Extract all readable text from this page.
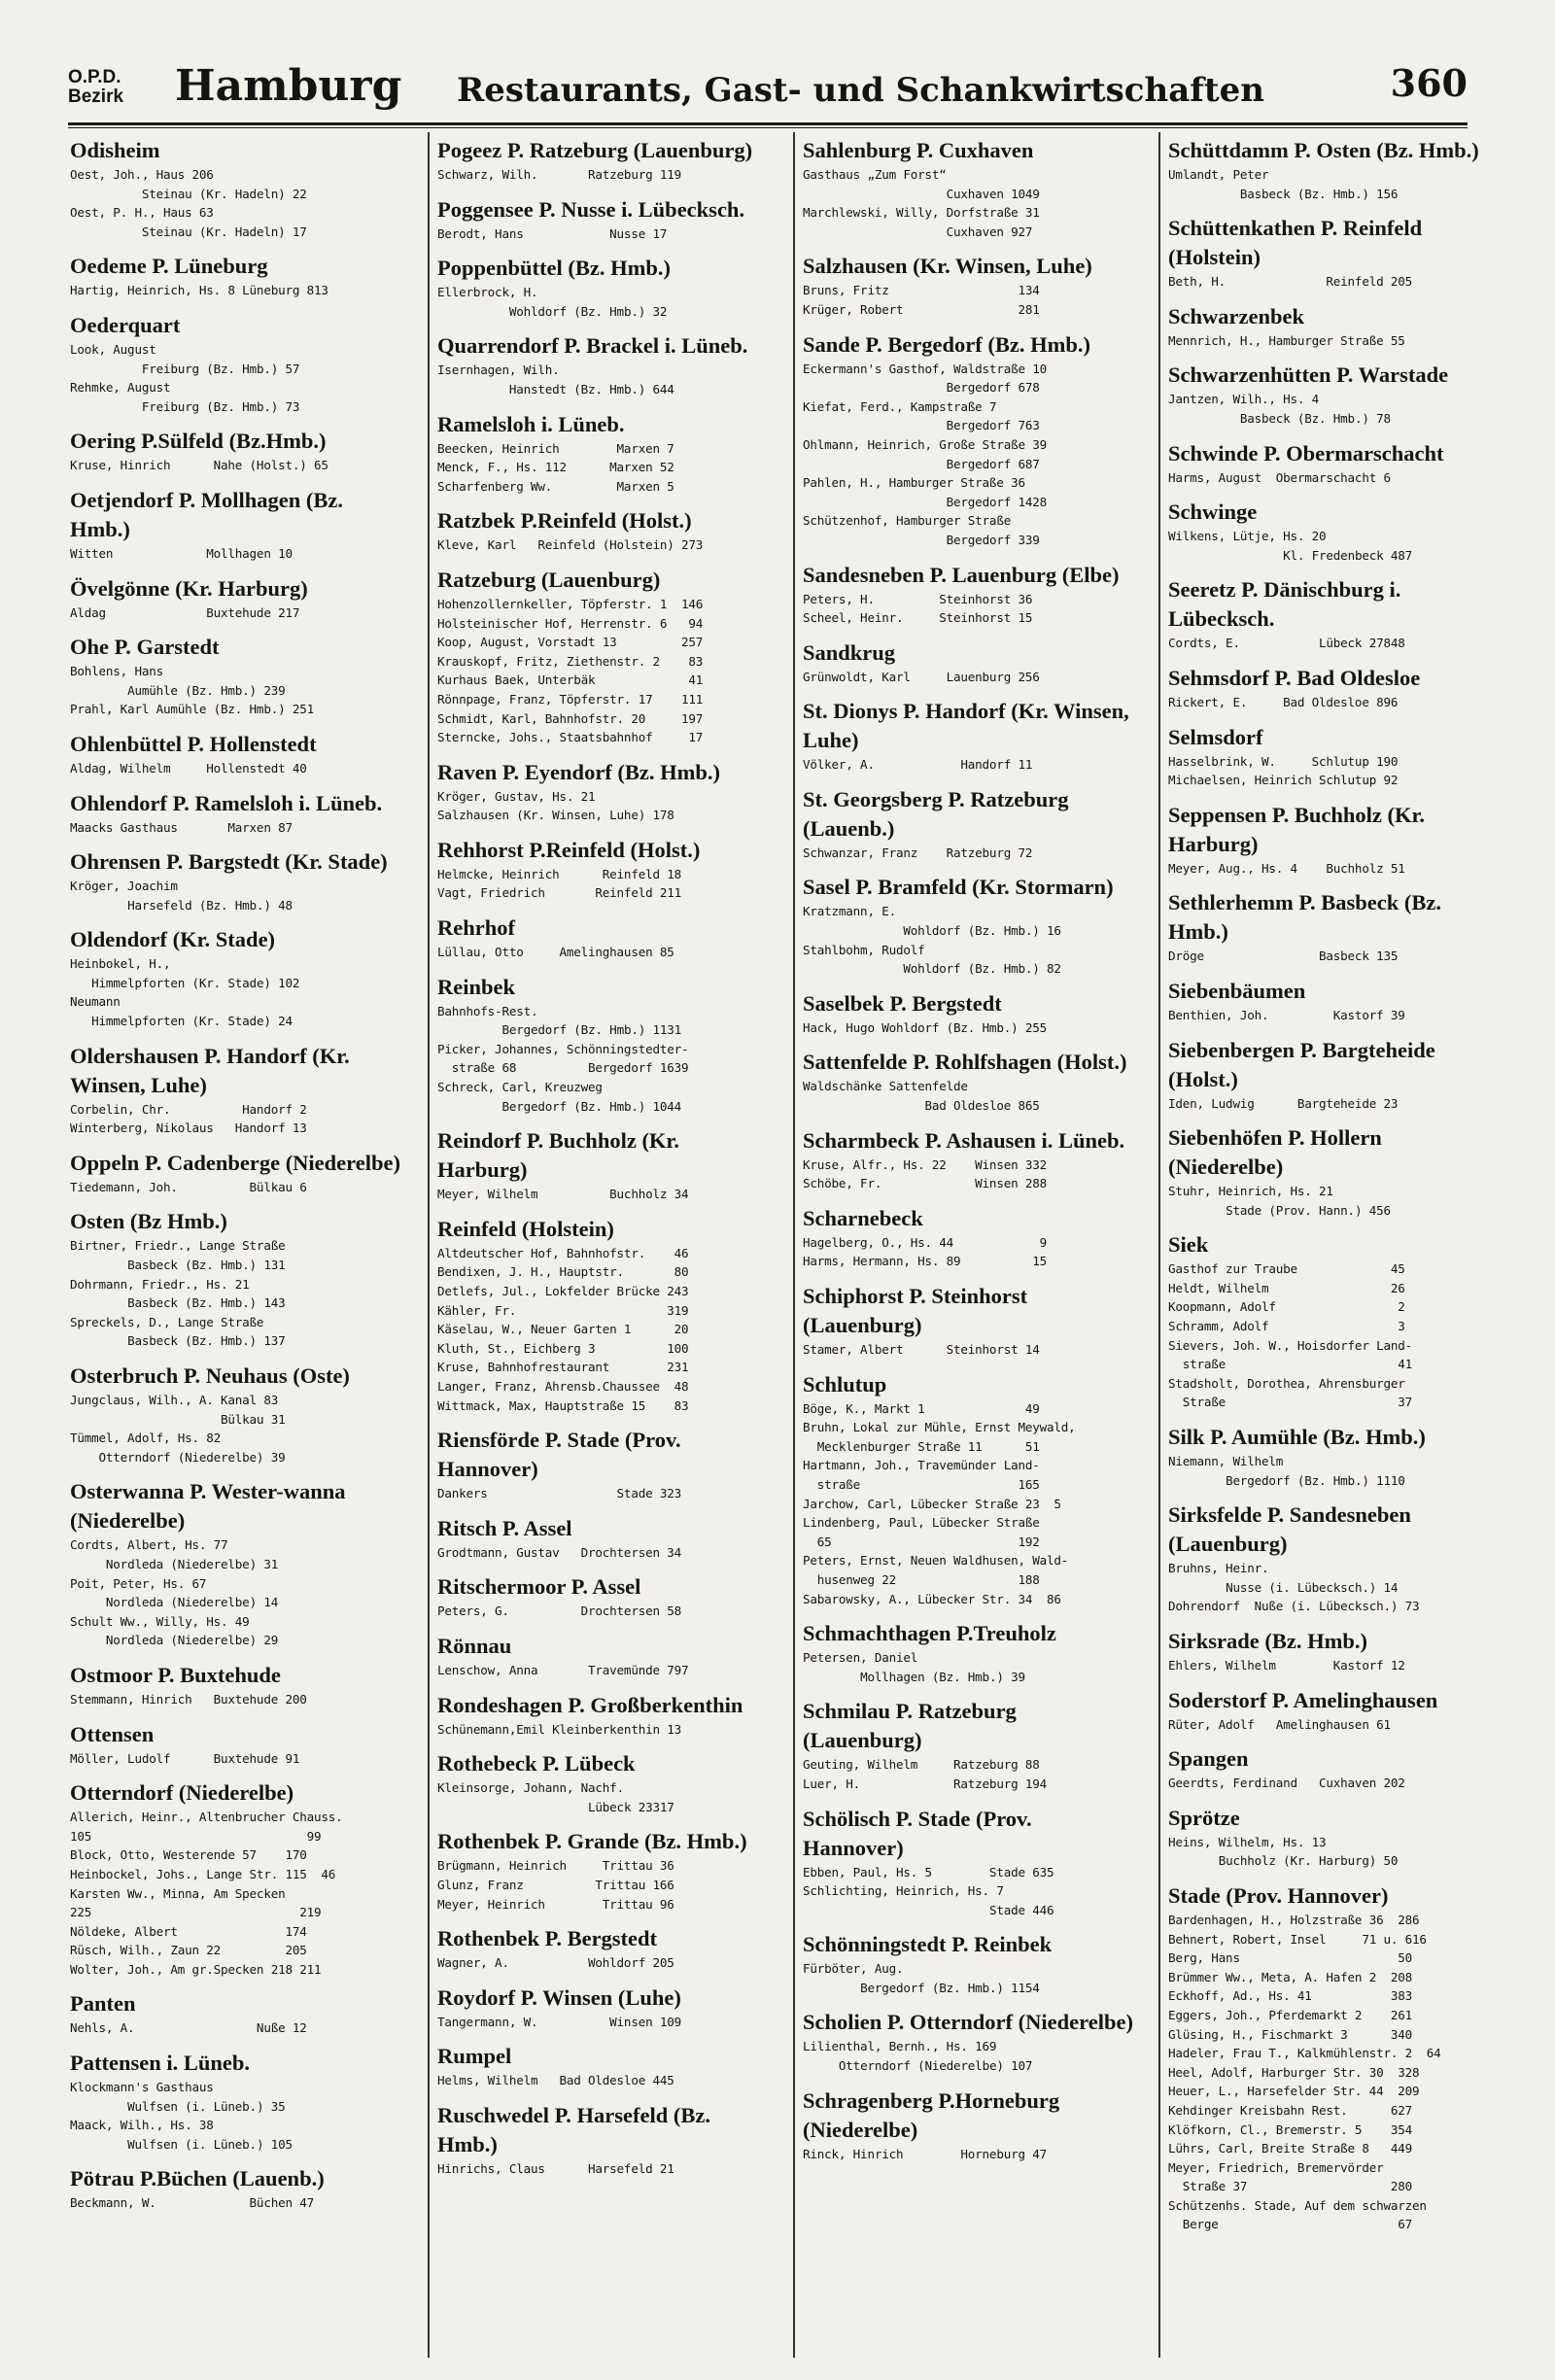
O.P.D.
Bezirk Hamburg Restaurants, Gast- und Schankwirtschaften	360
Odisheim
Oest, Joh., Haus 206
Steinau (Kr. Hadeln) 22
Oest, P. H., Haus 63
Steinau (Kr. Hadeln) 17
Oedeme P. Lüneburg
Hartig, Heinrich, Hs. 8 Lüneburg 813
Oederquart
Look, August
Freiburg (Bz. Hmb.) 57
Rehmke, August
Freiburg (Bz. Hmb.) 73
Oering P.Sülfeld (Bz.Hmb.)
Kruse, Hinrich      Nahe (Holst.) 65
Oetjendorf P. Mollhagen (Bz. Hmb.)
Witten             Mollhagen 10
Övelgönne (Kr. Harburg)
Aldag              Buxtehude 217
Ohe P. Garstedt
Bohlens, Hans
Aumühle (Bz. Hmb.) 239
Prahl, Karl Aumühle (Bz. Hmb.) 251
Ohlenbüttel P. Hollenstedt
Aldag, Wilhelm     Hollenstedt 40
Ohlendorf P. Ramelsloh i. Lüneb.
Maacks Gasthaus       Marxen 87
Ohrensen P. Bargstedt (Kr. Stade)
Kröger, Joachim
Harsefeld (Bz. Hmb.) 48
Oldendorf (Kr. Stade)
Heinbokel, H.,
Himmelpforten (Kr. Stade) 102
Neumann
Himmelpforten (Kr. Stade) 24
Oldershausen P. Handorf (Kr. Winsen, Luhe)
Corbelin, Chr.          Handorf 2
Winterberg, Nikolaus   Handorf 13
Oppeln P. Cadenberge (Niederelbe)
Tiedemann, Joh.          Bülkau 6
Osten (Bz Hmb.)
Birtner, Friedr., Lange Straße
Basbeck (Bz. Hmb.) 131
Dohrmann, Friedr., Hs. 21
Basbeck (Bz. Hmb.) 143
Spreckels, D., Lange Straße
Basbeck (Bz. Hmb.) 137
Osterbruch P. Neuhaus (Oste)
Jungclaus, Wilh., A. Kanal 83
Bülkau 31
Tümmel, Adolf, Hs. 82
Otterndorf (Niederelbe) 39
Osterwanna P. Wester-wanna (Niederelbe)
Cordts, Albert, Hs. 77
Nordleda (Niederelbe) 31
Poit, Peter, Hs. 67
Nordleda (Niederelbe) 14
Schult Ww., Willy, Hs. 49
Nordleda (Niederelbe) 29
Ostmoor P. Buxtehude
Stemmann, Hinrich   Buxtehude 200
Ottensen
Möller, Ludolf      Buxtehude 91
Otterndorf (Niederelbe)
Allerich, Heinr., Altenbrucher Chauss.
105                              99
Block, Otto, Westerende 57    170
Heinbockel, Johs., Lange Str. 115  46
Karsten Ww., Minna, Am Specken
225                             219
Nöldeke, Albert               174
Rüsch, Wilh., Zaun 22         205
Wolter, Joh., Am gr.Specken 218 211
Panten
Nehls, A.                 Nuße 12
Pattensen i. Lüneb.
Klockmann's Gasthaus
Wulfsen (i. Lüneb.) 35
Maack, Wilh., Hs. 38
Wulfsen (i. Lüneb.) 105
Pötrau P.Büchen (Lauenb.)
Beckmann, W.             Büchen 47
Pogeez P. Ratzeburg (Lauenburg)
Schwarz, Wilh.       Ratzeburg 119
Poggensee P. Nusse i. Lübecksch.
Berodt, Hans            Nusse 17
Poppenbüttel (Bz. Hmb.)
Ellerbrock, H.
Wohldorf (Bz. Hmb.) 32
Quarrendorf P. Brackel i. Lüneb.
Isernhagen, Wilh.
Hanstedt (Bz. Hmb.) 644
Ramelsloh i. Lüneb.
Beecken, Heinrich        Marxen 7
Menck, F., Hs. 112      Marxen 52
Scharfenberg Ww.         Marxen 5
Ratzbek P.Reinfeld (Holst.)
Kleve, Karl   Reinfeld (Holstein) 273
Ratzeburg (Lauenburg)
Hohenzollernkeller, Töpferstr. 1  146
Holsteinischer Hof, Herrenstr. 6   94
Koop, August, Vorstadt 13         257
Krauskopf, Fritz, Ziethenstr. 2    83
Kurhaus Baek, Unterbäk             41
Rönnpage, Franz, Töpferstr. 17    111
Schmidt, Karl, Bahnhofstr. 20     197
Sterncke, Johs., Staatsbahnhof     17
Raven P. Eyendorf (Bz. Hmb.)
Kröger, Gustav, Hs. 21
Salzhausen (Kr. Winsen, Luhe) 178
Rehhorst P.Reinfeld (Holst.)
Helmcke, Heinrich      Reinfeld 18
Vagt, Friedrich       Reinfeld 211
Rehrhof
Lüllau, Otto     Amelinghausen 85
Reinbek
Bahnhofs-Rest.
Bergedorf (Bz. Hmb.) 1131
Picker, Johannes, Schönningstedter-
straße 68          Bergedorf 1639
Schreck, Carl, Kreuzweg
Bergedorf (Bz. Hmb.) 1044
Reindorf P. Buchholz (Kr. Harburg)
Meyer, Wilhelm          Buchholz 34
Reinfeld (Holstein)
Altdeutscher Hof, Bahnhofstr.    46
Bendixen, J. H., Hauptstr.       80
Detlefs, Jul., Lokfelder Brücke 243
Kähler, Fr.                     319
Käselau, W., Neuer Garten 1      20
Kluth, St., Eichberg 3          100
Kruse, Bahnhofrestaurant        231
Langer, Franz, Ahrensb.Chaussee  48
Wittmack, Max, Hauptstraße 15    83
Riensförde P. Stade (Prov. Hannover)
Dankers                  Stade 323
Ritsch P. Assel
Grodtmann, Gustav   Drochtersen 34
Ritschermoor P. Assel
Peters, G.          Drochtersen 58
Rönnau
Lenschow, Anna       Travemünde 797
Rondeshagen P. Großberkenthin
Schünemann,Emil Kleinberkenthin 13
Rothebeck P. Lübeck
Kleinsorge, Johann, Nachf.
Lübeck 23317
Rothenbek P. Grande (Bz. Hmb.)
Brügmann, Heinrich     Trittau 36
Glunz, Franz          Trittau 166
Meyer, Heinrich        Trittau 96
Rothenbek P. Bergstedt
Wagner, A.           Wohldorf 205
Roydorf P. Winsen (Luhe)
Tangermann, W.          Winsen 109
Rumpel
Helms, Wilhelm   Bad Oldesloe 445
Ruschwedel P. Harsefeld (Bz. Hmb.)
Hinrichs, Claus      Harsefeld 21
Sahlenburg P. Cuxhaven
Gasthaus „Zum Forst“
Cuxhaven 1049
Marchlewski, Willy, Dorfstraße 31
Cuxhaven 927
Salzhausen (Kr. Winsen, Luhe)
Bruns, Fritz                  134
Krüger, Robert                281
Sande P. Bergedorf (Bz. Hmb.)
Eckermann's Gasthof, Waldstraße 10
Bergedorf 678
Kiefat, Ferd., Kampstraße 7
Bergedorf 763
Ohlmann, Heinrich, Große Straße 39
Bergedorf 687
Pahlen, H., Hamburger Straße 36
Bergedorf 1428
Schützenhof, Hamburger Straße
Bergedorf 339
Sandesneben P. Lauenburg (Elbe)
Peters, H.         Steinhorst 36
Scheel, Heinr.     Steinhorst 15
Sandkrug
Grünwoldt, Karl     Lauenburg 256
St. Dionys P. Handorf (Kr. Winsen, Luhe)
Völker, A.            Handorf 11
St. Georgsberg P. Ratzeburg (Lauenb.)
Schwanzar, Franz    Ratzeburg 72
Sasel P. Bramfeld (Kr. Stormarn)
Kratzmann, E.
Wohldorf (Bz. Hmb.) 16
Stahlbohm, Rudolf
Wohldorf (Bz. Hmb.) 82
Saselbek P. Bergstedt
Hack, Hugo Wohldorf (Bz. Hmb.) 255
Sattenfelde P. Rohlfshagen (Holst.)
Waldschänke Sattenfelde
Bad Oldesloe 865
Scharmbeck P. Ashausen i. Lüneb.
Kruse, Alfr., Hs. 22    Winsen 332
Schöbe, Fr.             Winsen 288
Scharnebeck
Hagelberg, O., Hs. 44            9
Harms, Hermann, Hs. 89          15
Schiphorst P. Steinhorst (Lauenburg)
Stamer, Albert      Steinhorst 14
Schlutup
Böge, K., Markt 1              49
Bruhn, Lokal zur Mühle, Ernst Meywald,
Mecklenburger Straße 11      51
Hartmann, Joh., Travemünder Land-
straße                      165
Jarchow, Carl, Lübecker Straße 23  5
Lindenberg, Paul, Lübecker Straße
65                          192
Peters, Ernst, Neuen Waldhusen, Wald-
husenweg 22                 188
Sabarowsky, A., Lübecker Str. 34  86
Schmachthagen P.Treuholz
Petersen, Daniel
Mollhagen (Bz. Hmb.) 39
Schmilau P. Ratzeburg (Lauenburg)
Geuting, Wilhelm     Ratzeburg 88
Luer, H.             Ratzeburg 194
Schölisch P. Stade (Prov. Hannover)
Ebben, Paul, Hs. 5        Stade 635
Schlichting, Heinrich, Hs. 7
Stade 446
Schönningstedt P. Reinbek
Fürböter, Aug.
Bergedorf (Bz. Hmb.) 1154
Scholien P. Otterndorf (Niederelbe)
Lilienthal, Bernh., Hs. 169
Otterndorf (Niederelbe) 107
Schragenberg P.Horneburg (Niederelbe)
Rinck, Hinrich        Horneburg 47
Schüttdamm P. Osten (Bz. Hmb.)
Umlandt, Peter
Basbeck (Bz. Hmb.) 156
Schüttenkathen P. Reinfeld (Holstein)
Beth, H.              Reinfeld 205
Schwarzenbek
Mennrich, H., Hamburger Straße 55
Schwarzenhütten P. Warstade
Jantzen, Wilh., Hs. 4
Basbeck (Bz. Hmb.) 78
Schwinde P. Obermarschacht
Harms, August  Obermarschacht 6
Schwinge
Wilkens, Lütje, Hs. 20
Kl. Fredenbeck 487
Seeretz P. Dänischburg i. Lübecksch.
Cordts, E.           Lübeck 27848
Sehmsdorf P. Bad Oldesloe
Rickert, E.     Bad Oldesloe 896
Selmsdorf
Hasselbrink, W.     Schlutup 190
Michaelsen, Heinrich Schlutup 92
Seppensen P. Buchholz (Kr. Harburg)
Meyer, Aug., Hs. 4    Buchholz 51
Sethlerhemm P. Basbeck (Bz. Hmb.)
Dröge                Basbeck 135
Siebenbäumen
Benthien, Joh.         Kastorf 39
Siebenbergen P. Bargteheide (Holst.)
Iden, Ludwig      Bargteheide 23
Siebenhöfen P. Hollern (Niederelbe)
Stuhr, Heinrich, Hs. 21
Stade (Prov. Hann.) 456
Siek
Gasthof zur Traube             45
Heldt, Wilhelm                 26
Koopmann, Adolf                 2
Schramm, Adolf                  3
Sievers, Joh. W., Hoisdorfer Land-
straße                        41
Stadsholt, Dorothea, Ahrensburger
Straße                        37
Silk P. Aumühle (Bz. Hmb.)
Niemann, Wilhelm
Bergedorf (Bz. Hmb.) 1110
Sirksfelde P. Sandesneben (Lauenburg)
Bruhns, Heinr.
Nusse (i. Lübecksch.) 14
Dohrendorf  Nuße (i. Lübecksch.) 73
Sirksrade (Bz. Hmb.)
Ehlers, Wilhelm        Kastorf 12
Soderstorf P. Amelinghausen
Rüter, Adolf   Amelinghausen 61
Spangen
Geerdts, Ferdinand   Cuxhaven 202
Sprötze
Heins, Wilhelm, Hs. 13
Buchholz (Kr. Harburg) 50
Stade (Prov. Hannover)
Bardenhagen, H., Holzstraße 36  286
Behnert, Robert, Insel     71 u. 616
Berg, Hans                      50
Brümmer Ww., Meta, A. Hafen 2  208
Eckhoff, Ad., Hs. 41           383
Eggers, Joh., Pferdemarkt 2    261
Glüsing, H., Fischmarkt 3      340
Hadeler, Frau T., Kalkmühlenstr. 2  64
Heel, Adolf, Harburger Str. 30  328
Heuer, L., Harsefelder Str. 44  209
Kehdinger Kreisbahn Rest.      627
Klöfkorn, Cl., Bremerstr. 5    354
Lührs, Carl, Breite Straße 8   449
Meyer, Friedrich, Bremervörder
Straße 37                    280
Schützenhs. Stade, Auf dem schwarzen
Berge                         67
